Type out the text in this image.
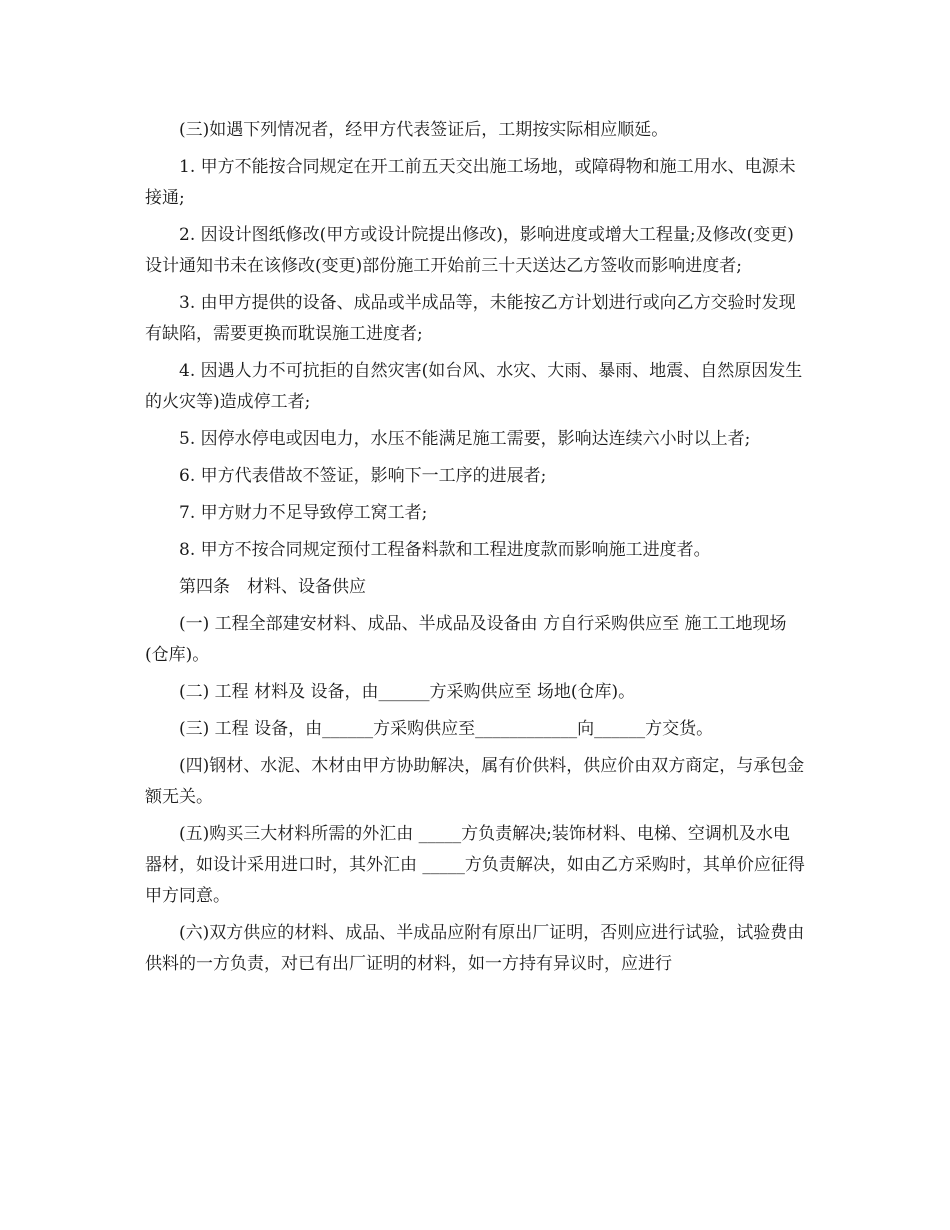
(三)如遇下列情况者，经甲方代表签证后，工期按实际相应顺延。

1. 甲方不能按合同规定在开工前五天交出施工场地，或障碍物和施工用水、电源未接通;

2. 因设计图纸修改(甲方或设计院提出修改)，影响进度或增大工程量;及修改(变更)设计通知书未在该修改(变更)部份施工开始前三十天送达乙方签收而影响进度者;

3. 由甲方提供的设备、成品或半成品等，未能按乙方计划进行或向乙方交验时发现有缺陷，需要更换而耽误施工进度者;

4. 因遇人力不可抗拒的自然灾害(如台风、水灾、大雨、暴雨、地震、自然原因发生的火灾等)造成停工者;

5. 因停水停电或因电力，水压不能满足施工需要，影响达连续六小时以上者;

6. 甲方代表借故不签证，影响下一工序的进展者;

7. 甲方财力不足导致停工窝工者;

8. 甲方不按合同规定预付工程备料款和工程进度款而影响施工进度者。

第四条　材料、设备供应

(一) 工程全部建安材料、成品、半成品及设备由 方自行采购供应至 施工工地现场(仓库)。

(二) 工程 材料及 设备，由______方采购供应至 场地(仓库)。

(三) 工程 设备，由______方采购供应至____________向______方交货。

(四)钢材、水泥、木材由甲方协助解决，属有价供料，供应价由双方商定，与承包金额无关。

(五)购买三大材料所需的外汇由 _____方负责解决;装饰材料、电梯、空调机及水电器材，如设计采用进口时，其外汇由 _____方负责解决，如由乙方采购时，其单价应征得甲方同意。

(六)双方供应的材料、成品、半成品应附有原出厂证明，否则应进行试验，试验费由供料的一方负责，对已有出厂证明的材料，如一方持有异议时，应进行
